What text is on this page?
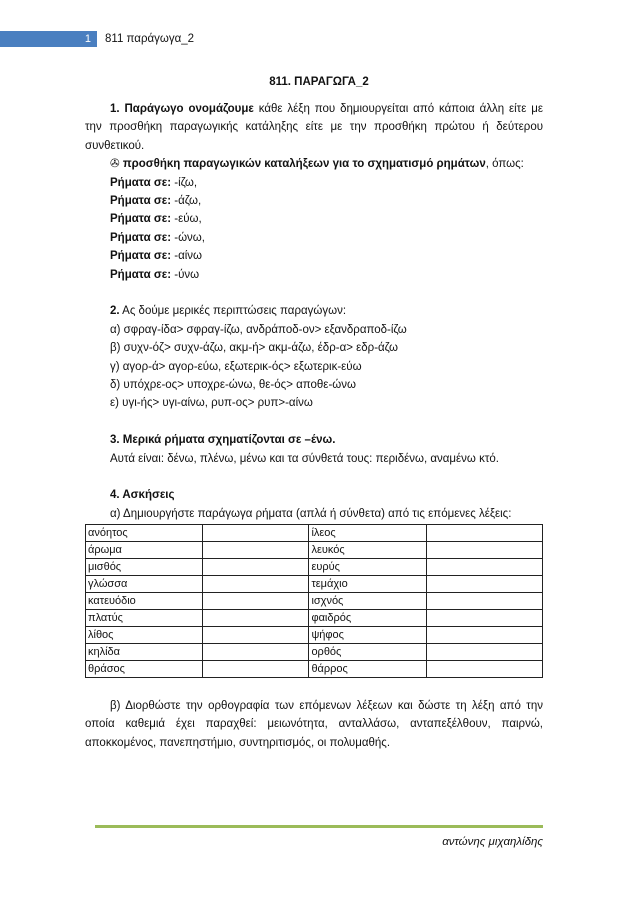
1	811 παράγωγα_2
811. ΠΑΡΑΓΩΓΑ_2

1. Παράγωγο ονομάζουμε κάθε λέξη που δημιουργείται από κάποια άλλη είτε με την προσθήκη παραγωγικής κατάληξης είτε με την προσθήκη πρώτου ή δεύτερου συνθετικού.

✇ προσθήκη παραγωγικών καταλήξεων για το σχηματισμό ρημάτων, όπως:

Ρήματα σε: -ίζω,

Ρήματα σε: -άζω,

Ρήματα σε: -εύω,

Ρήματα σε: -ώνω,

Ρήματα σε: -αίνω

Ρήματα σε: -ύνω

2. Ας δούμε μερικές περιπτώσεις παραγώγων:

α) σφραγ-ίδα> σφραγ-ίζω, ανδράποδ-ον> εξανδραποδ-ίζω

β) συχν-όζ> συχν-άζω, ακμ-ή> ακμ-άζω, έδρ-α> εδρ-άζω

γ) αγορ-ά> αγορ-εύω, εξωτερικ-ός> εξωτερικ-εύω

δ) υπόχρε-ος> υποχρε-ώνω, θε-ός> αποθε-ώνω

ε) υγι-ής> υγι-αίνω, ρυπ-ος> ρυπ>-αίνω

3. Μερικά ρήματα σχηματίζονται σε –ένω.

Αυτά είναι: δένω, πλένω, μένω και τα σύνθετά τους: περιδένω, αναμένω κτό.

4. Ασκήσεις

α) Δημιουργήστε παράγωγα ρήματα (απλά ή σύνθετα) από τις επόμενες λέξεις:

ανόητος		ίλεος	
άρωμα		λευκός	
μισθός		ευρύς	
γλώσσα		τεμάχιο	
κατευόδιο		ισχνός	
πλατύς		φαιδρός	
λίθος		ψήφος	
κηλίδα		ορθός	
θράσος		θάρρος	

β) Διορθώστε την ορθογραφία των επόμενων λέξεων και δώστε τη λέξη από την οποία καθεμιά έχει παραχθεί: μειωνότητα, ανταλλάσω, ανταπεξέλθουν, παιρνώ, αποκκομένος, πανεπηστήμιο, συντηριτισμός, οι πολυμαθής.

αντώνης μιχαηλίδης
